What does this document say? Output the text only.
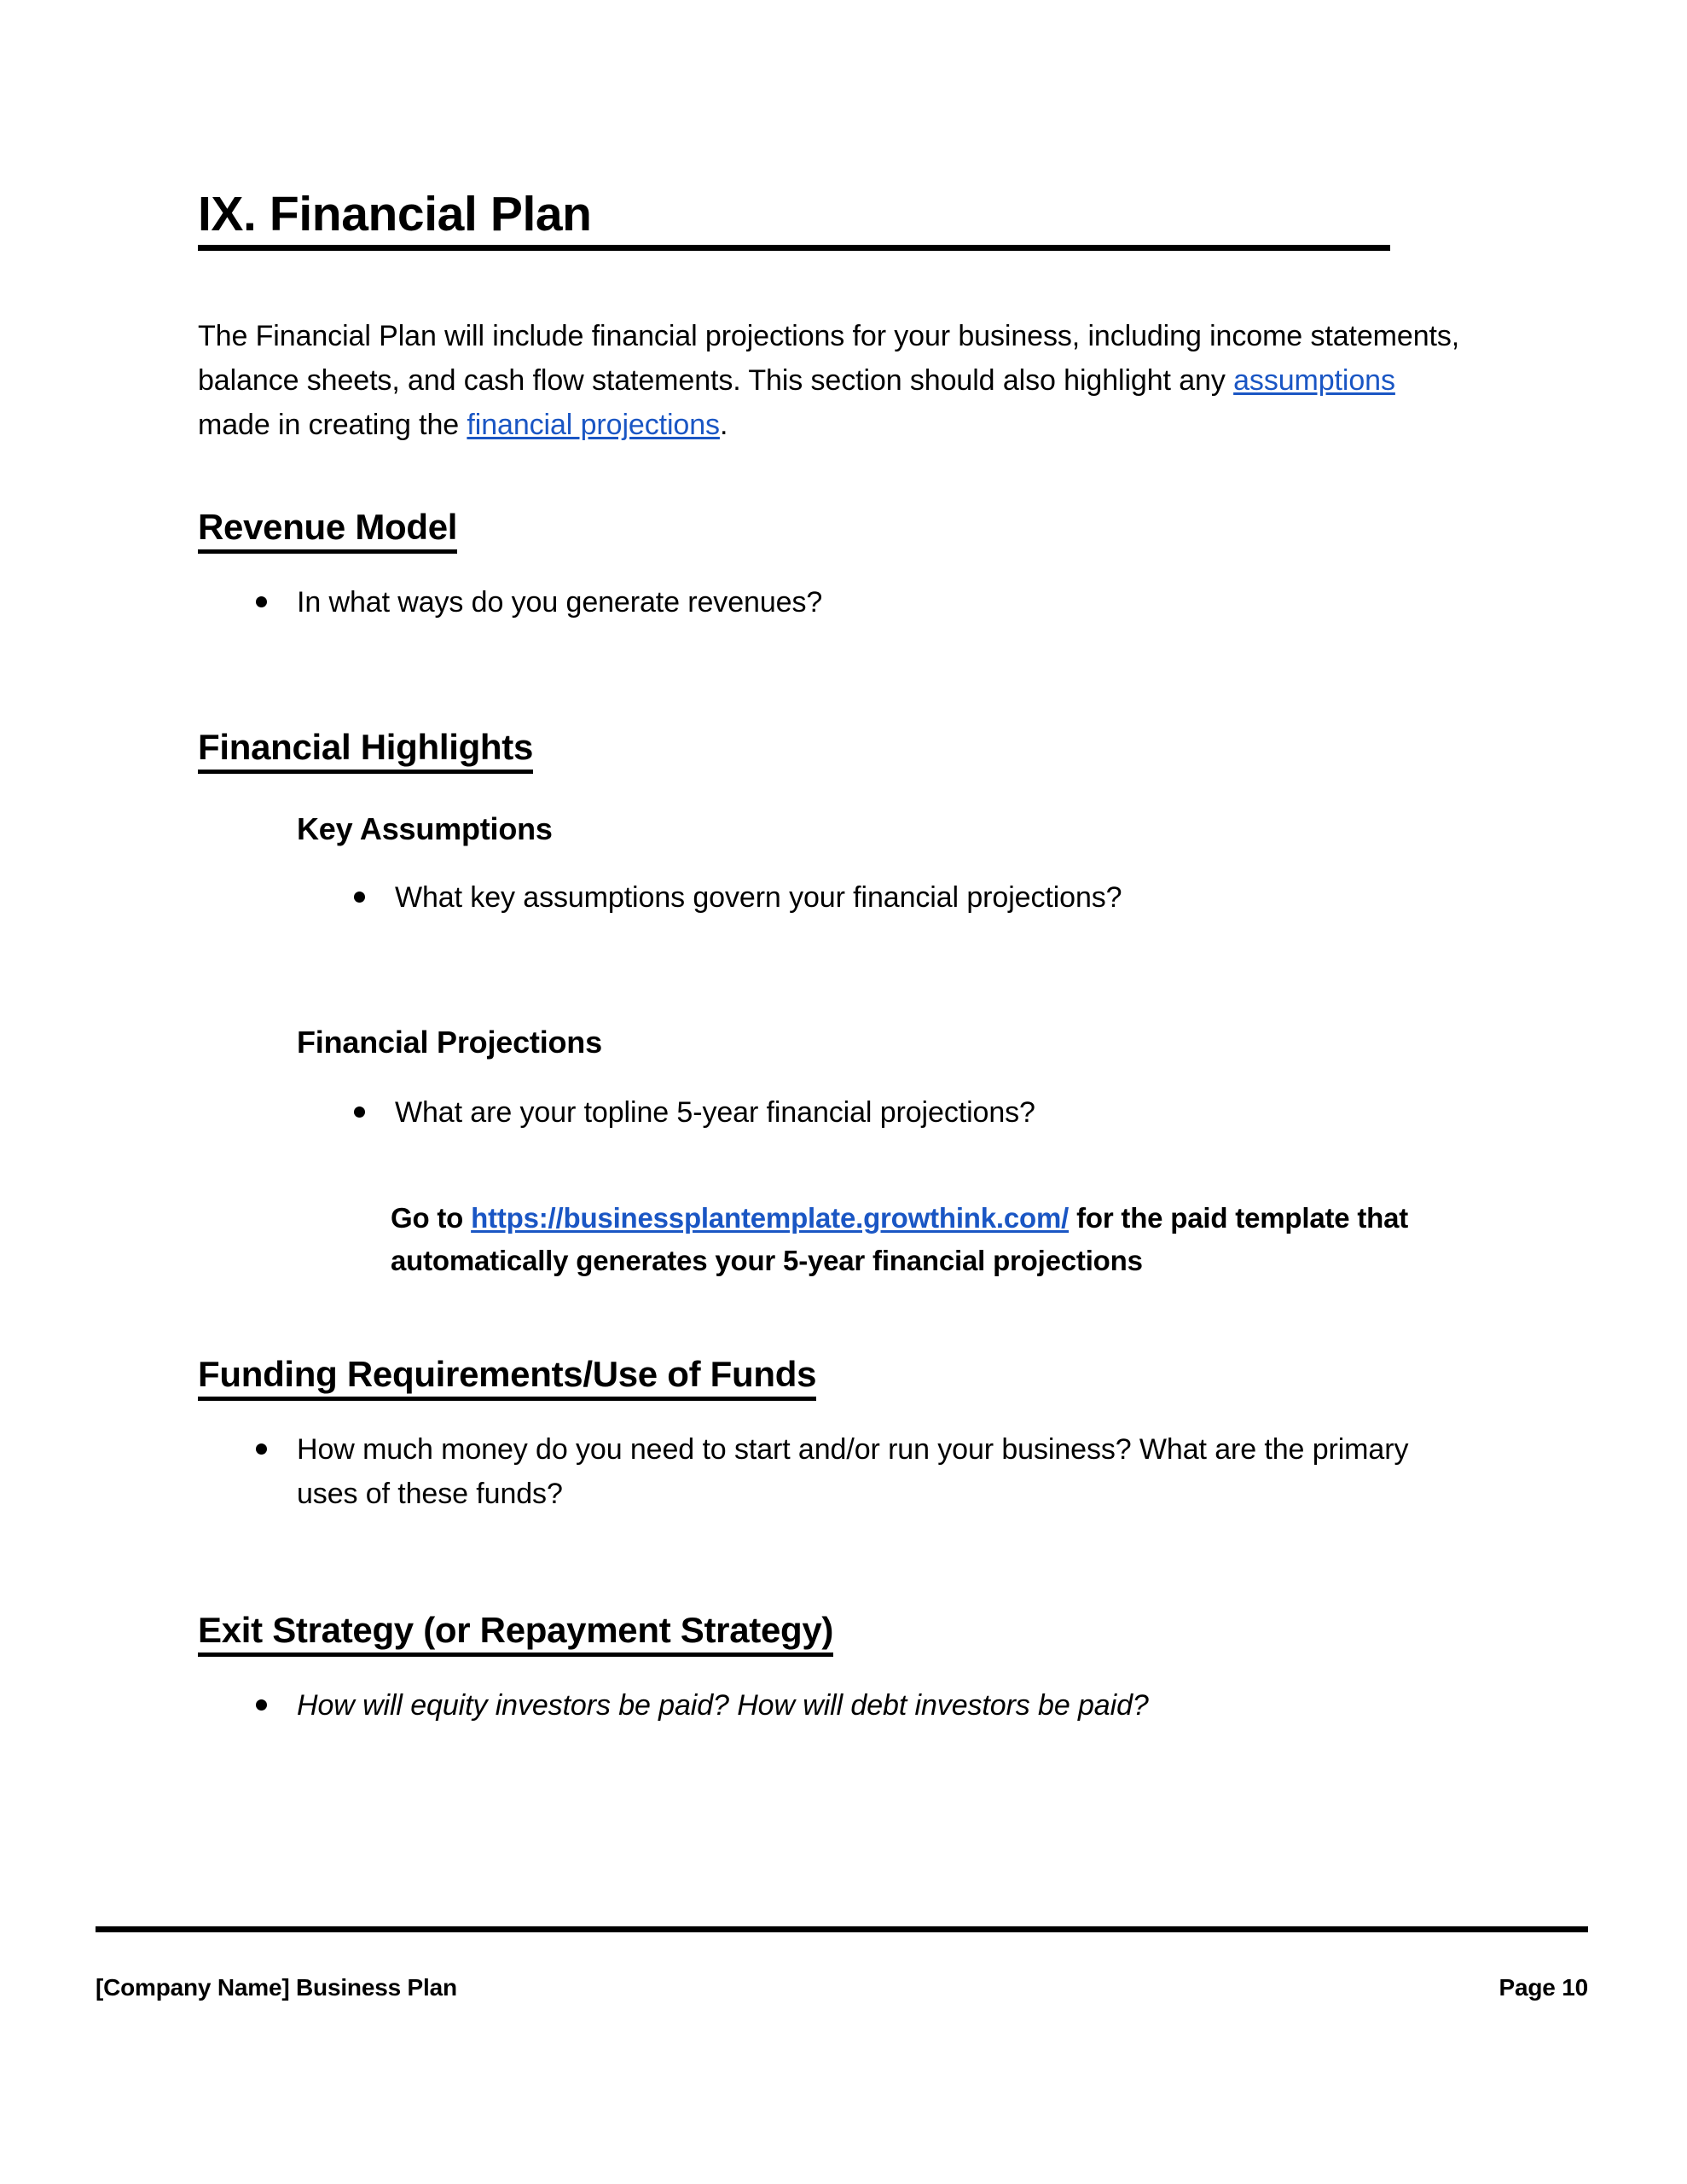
IX. Financial Plan

The Financial Plan will include financial projections for your business, including income statements, balance sheets, and cash flow statements. This section should also highlight any assumptions made in creating the financial projections.

Revenue Model
In what ways do you generate revenues?
Financial Highlights
Key Assumptions
What key assumptions govern your financial projections?
Financial Projections
What are your topline 5-year financial projections?

Go to https://businessplantemplate.growthink.com/ for the paid template that automatically generates your 5-year financial projections

Funding Requirements/Use of Funds
How much money do you need to start and/or run your business? What are the primary uses of these funds?
Exit Strategy (or Repayment Strategy)
How will equity investors be paid? How will debt investors be paid?
[Company Name] Business Plan	Page 10
